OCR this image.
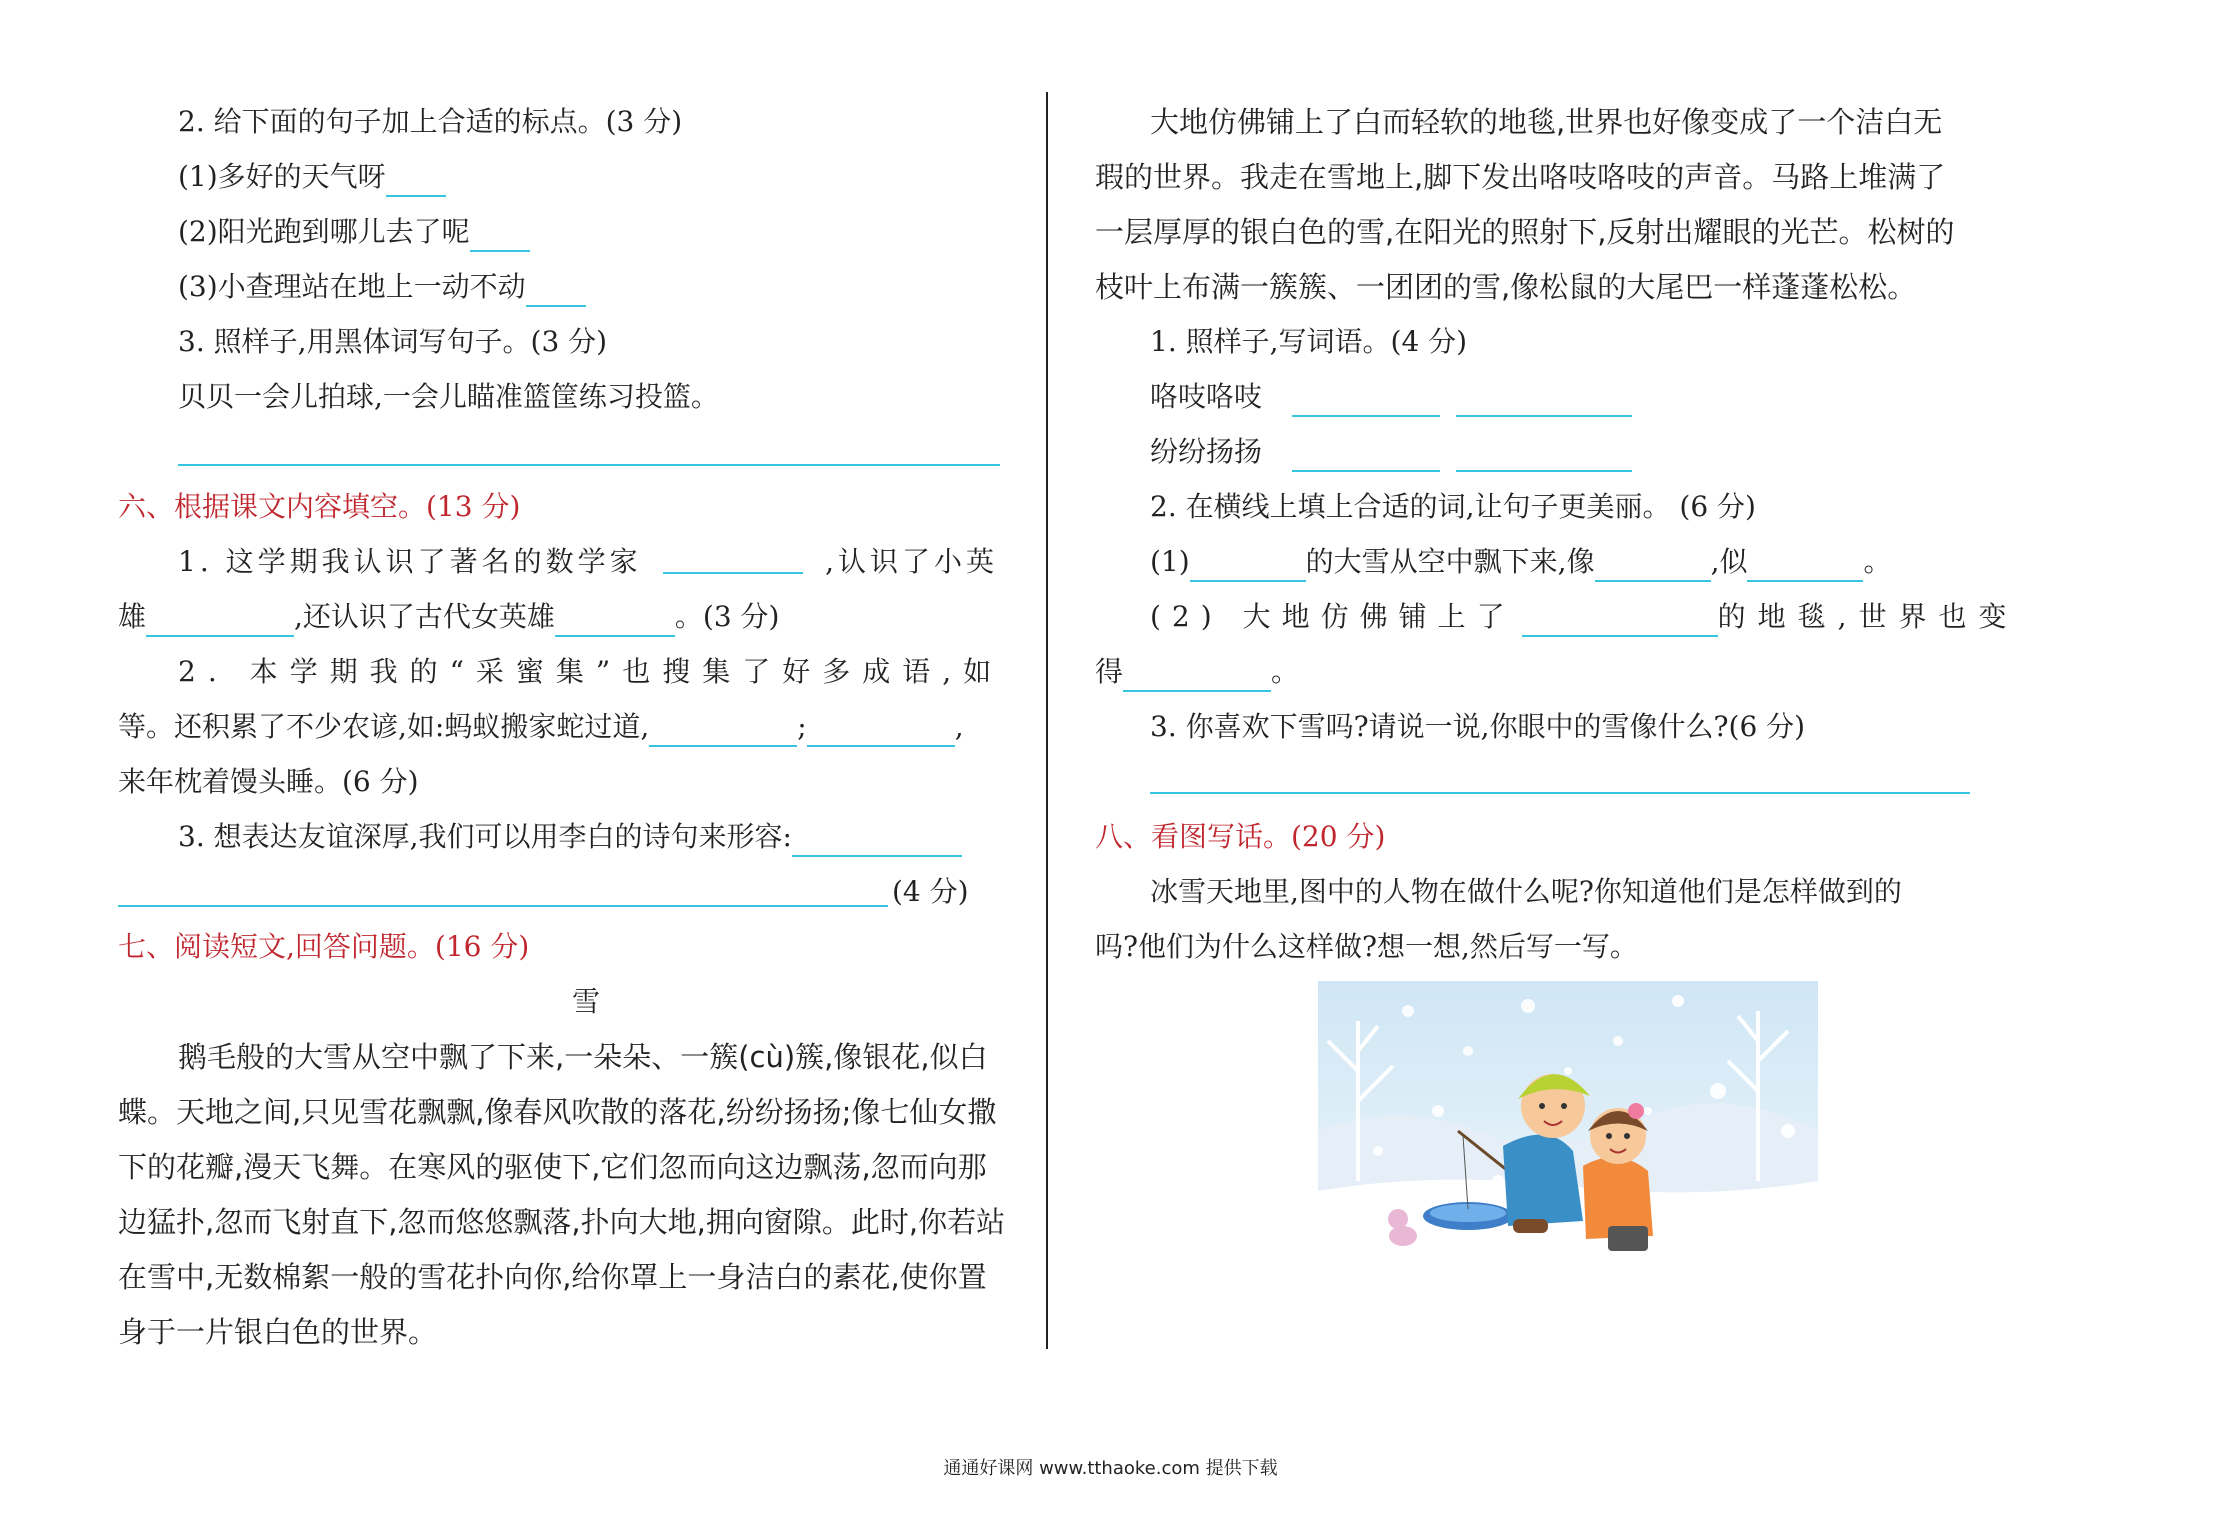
2. 给下面的句子加上合适的标点。(3 分)
(1)多好的天气呀
(2)阳光跑到哪儿去了呢
(3)小查理站在地上一动不动
3. 照样子,用黑体词写句子。(3 分)
贝贝一会儿拍球,一会儿瞄准篮筐练习投篮。
六、根据课文内容填空。(13 分)
1. 这学期我认识了著名的数学家	,认识了小英
雄	,还认识了古代女英雄	。(3 分)
2. 本学期我的“采蜜集”也搜集了好多成语,如
等。还积累了不少农谚,如:蚂蚁搬家蛇过道,	;	,
来年枕着馒头睡。(6 分)
3. 想表达友谊深厚,我们可以用李白的诗句来形容:
(4 分)
七、阅读短文,回答问题。(16 分)
雪
鹅毛般的大雪从空中飘了下来,一朵朵、一簇(cù)簇,像银花,似白
蝶。天地之间,只见雪花飘飘,像春风吹散的落花,纷纷扬扬;像七仙女撒
下的花瓣,漫天飞舞。在寒风的驱使下,它们忽而向这边飘荡,忽而向那
边猛扑,忽而飞射直下,忽而悠悠飘落,扑向大地,拥向窗隙。此时,你若站
在雪中,无数棉絮一般的雪花扑向你,给你罩上一身洁白的素花,使你置
身于一片银白色的世界。
大地仿佛铺上了白而轻软的地毯,世界也好像变成了一个洁白无
瑕的世界。我走在雪地上,脚下发出咯吱咯吱的声音。马路上堆满了
一层厚厚的银白色的雪,在阳光的照射下,反射出耀眼的光芒。松树的
枝叶上布满一簇簇、一团团的雪,像松鼠的大尾巴一样蓬蓬松松。
1. 照样子,写词语。(4 分)
咯吱咯吱
纷纷扬扬
2. 在横线上填上合适的词,让句子更美丽。 (6 分)
(1)	的大雪从空中飘下来,像	,似	。
(2) 大地仿佛铺上了	的地毯,世界也变
得	。
3. 你喜欢下雪吗?请说一说,你眼中的雪像什么?(6 分)
八、看图写话。(20 分)
冰雪天地里,图中的人物在做什么呢?你知道他们是怎样做到的
吗?他们为什么这样做?想一想,然后写一写。
通通好课网 www.tthaoke.com 提供下载
